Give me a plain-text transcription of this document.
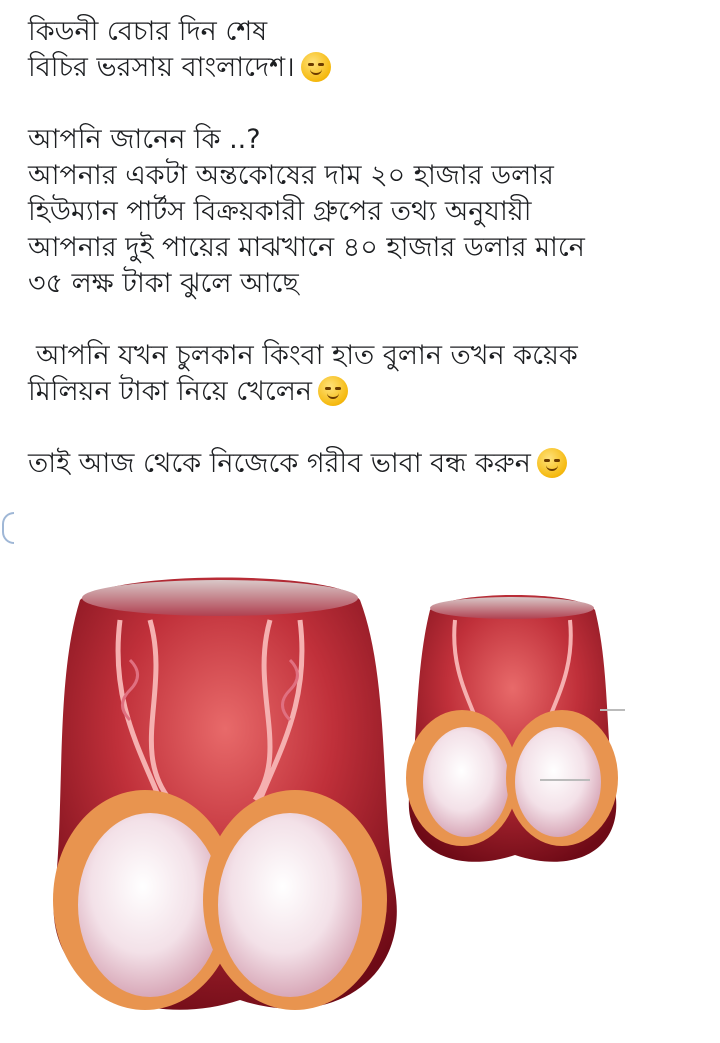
কিডনী বেচার দিন শেষ
বিচির ভরসায় বাংলাদেশ।

আপনি জানেন কি ..?
আপনার একটা অন্তকোষের দাম ২০ হাজার ডলার
হিউম্যান পার্টস বিক্রয়কারী গ্রুপের তথ্য অনুযায়ী
আপনার দুই পায়ের মাঝখানে ৪০ হাজার ডলার মানে
৩৫ লক্ষ টাকা ঝুলে আছে

আপনি যখন চুলকান কিংবা হাত বুলান তখন কয়েক
মিলিয়ন টাকা নিয়ে খেলেন

তাই আজ থেকে নিজেকে গরীব ভাবা বন্ধ করুন
